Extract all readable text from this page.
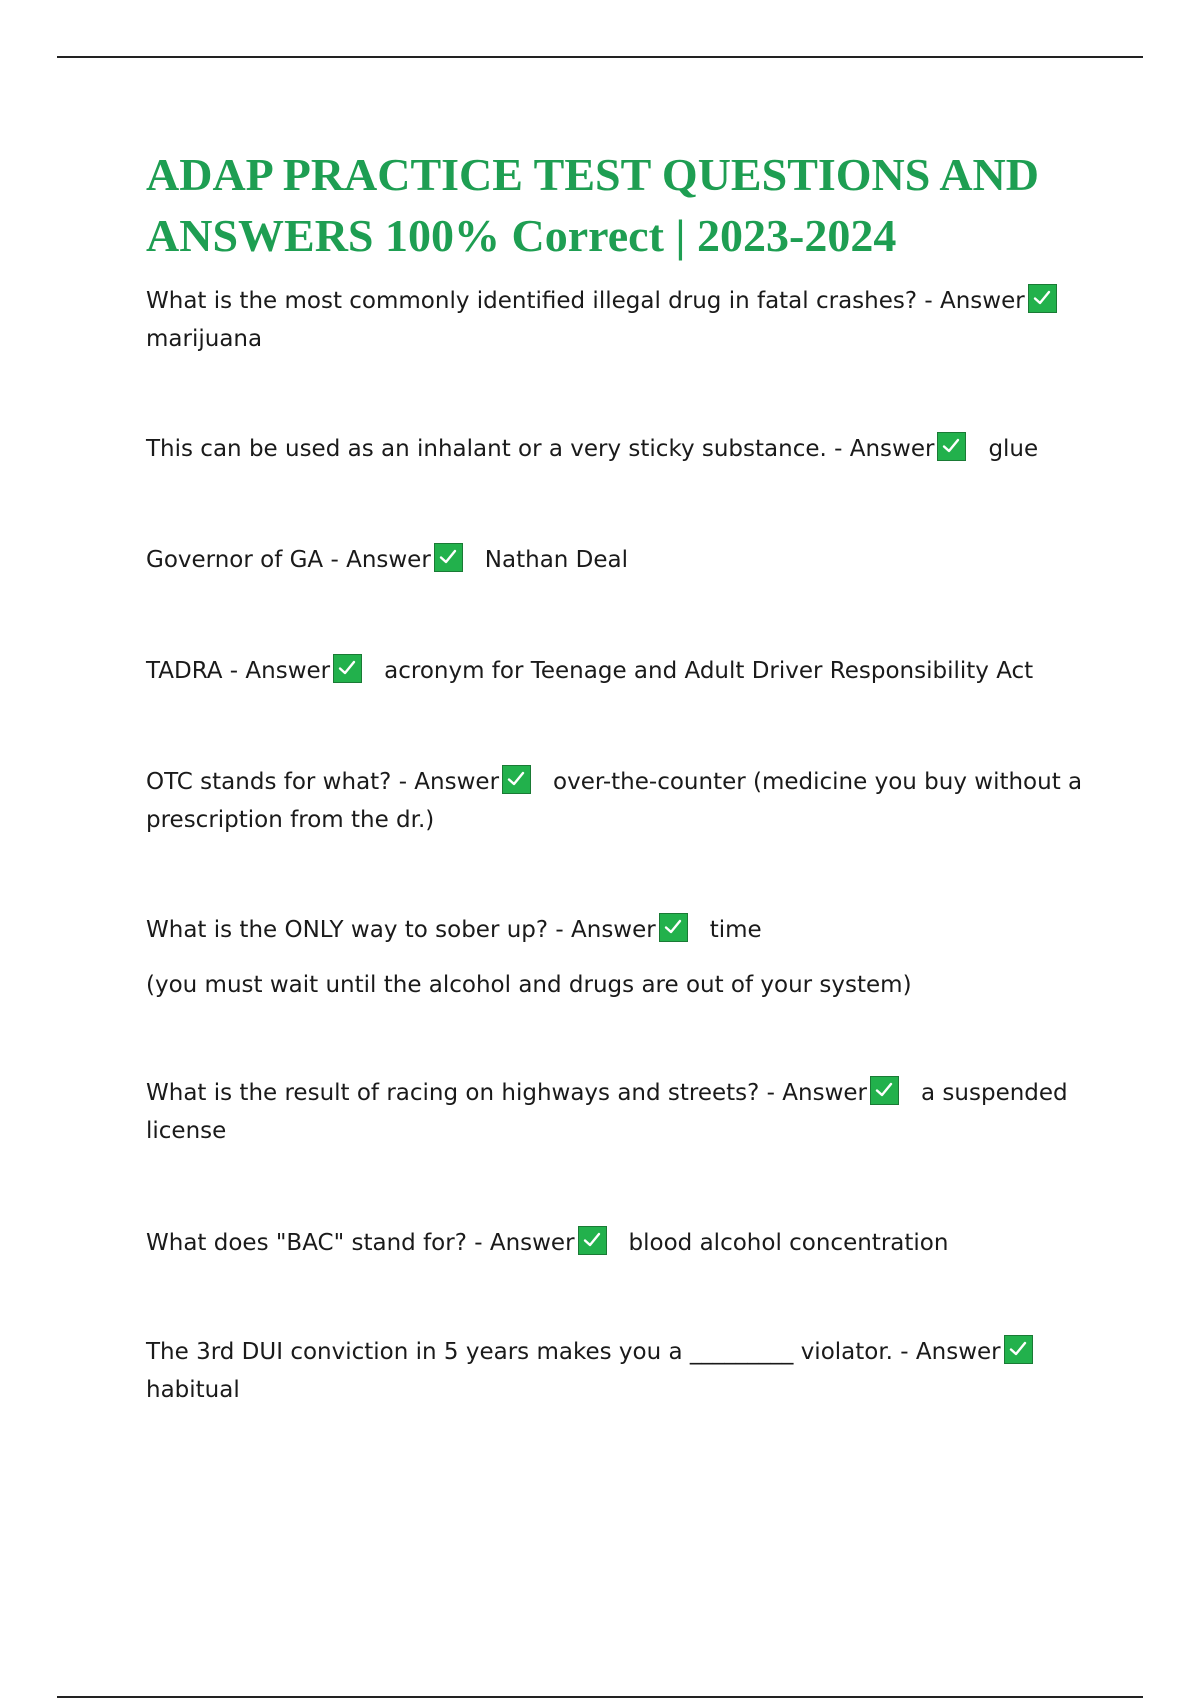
ADAP PRACTICE TEST QUESTIONS AND ANSWERS 100% Correct | 2023-2024

What is the most commonly identified illegal drug in fatal crashes? - Answer

marijuana

This can be used as an inhalant or a very sticky substance. - Answer glue

Governor of GA - Answer Nathan Deal

TADRA - Answer acronym for Teenage and Adult Driver Responsibility Act

OTC stands for what? - Answer over-the-counter (medicine you buy without a prescription from the dr.)

What is the ONLY way to sober up? - Answer time

(you must wait until the alcohol and drugs are out of your system)

What is the result of racing on highways and streets? - Answer a suspended license

What does "BAC" stand for? - Answer blood alcohol concentration

The 3rd DUI conviction in 5 years makes you a _________ violator. - Answer

habitual
